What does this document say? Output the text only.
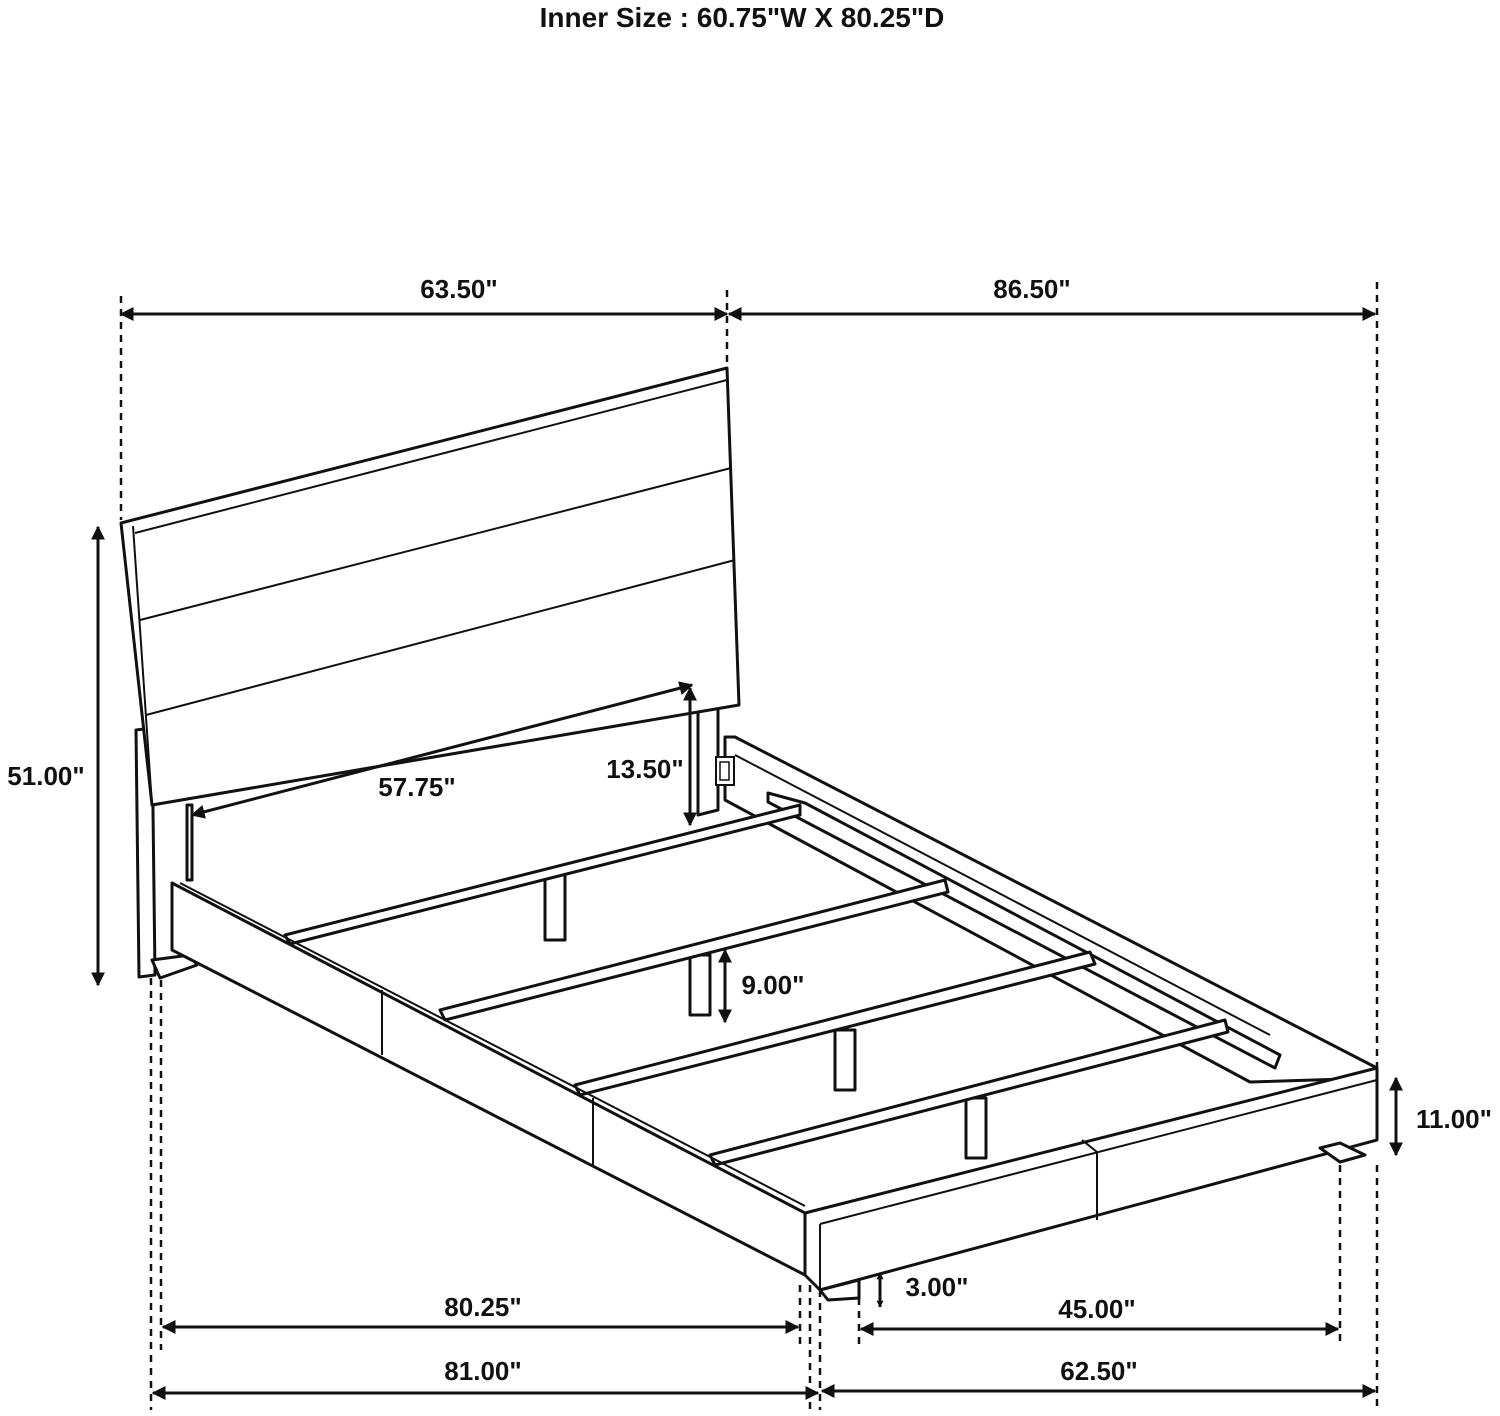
Inner Size : 60.75"W X 80.25"D
63.50"	86.50"
51.00"	57.75"
13.50"
9.00"
11.00"
3.00"
80.25"	45.00"
81.00"	62.50"
